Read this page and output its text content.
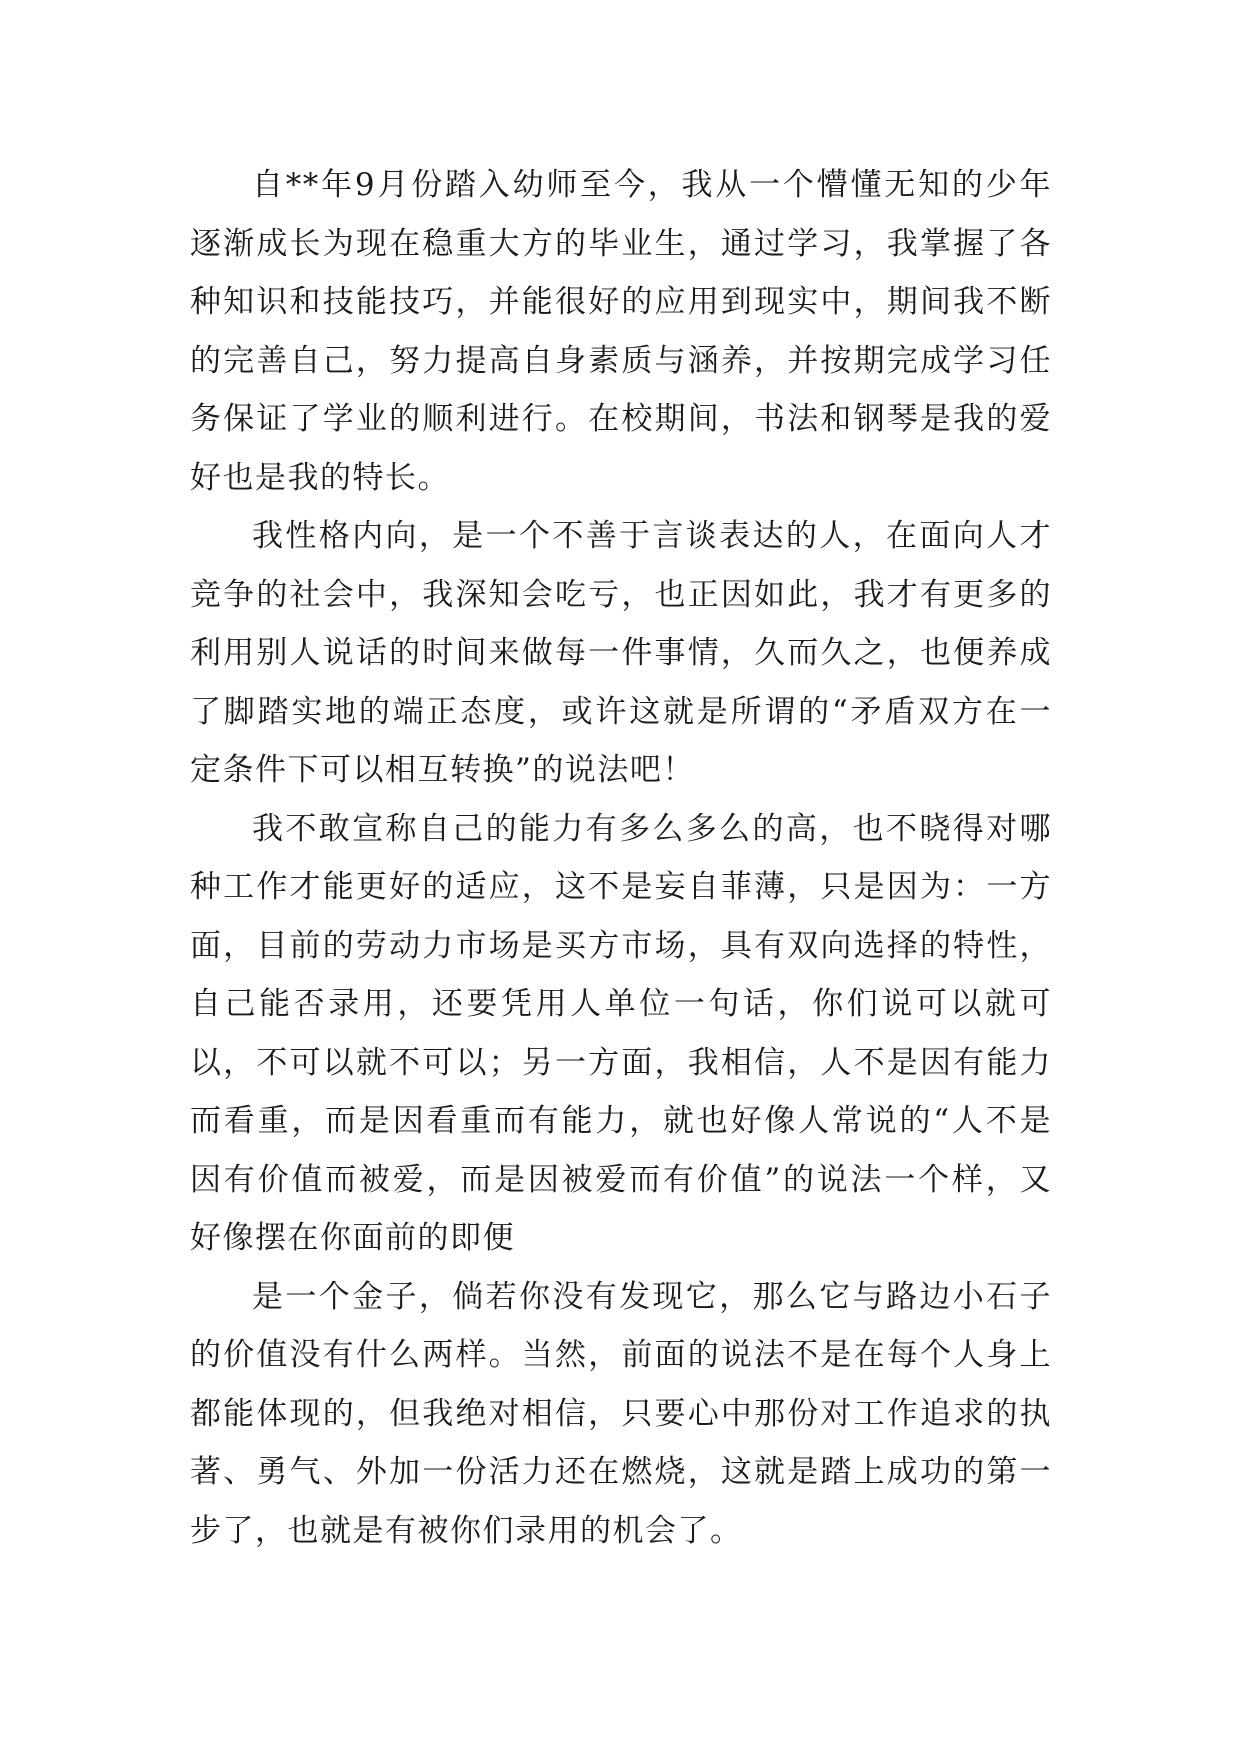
自**年9月份踏入幼师至今，我从一个懵懂无知的少年逐渐成长为现在稳重大方的毕业生，通过学习，我掌握了各种知识和技能技巧，并能很好的应用到现实中，期间我不断的完善自己，努力提高自身素质与涵养，并按期完成学习任务保证了学业的顺利进行。在校期间，书法和钢琴是我的爱好也是我的特长。

我性格内向，是一个不善于言谈表达的人，在面向人才竞争的社会中，我深知会吃亏，也正因如此，我才有更多的利用别人说话的时间来做每一件事情，久而久之，也便养成了脚踏实地的端正态度，或许这就是所谓的“矛盾双方在一定条件下可以相互转换”的说法吧！

我不敢宣称自己的能力有多么多么的高，也不晓得对哪种工作才能更好的适应，这不是妄自菲薄，只是因为：一方面，目前的劳动力市场是买方市场，具有双向选择的特性，自己能否录用，还要凭用人单位一句话，你们说可以就可以，不可以就不可以；另一方面，我相信，人不是因有能力而看重，而是因看重而有能力，就也好像人常说的“人不是因有价值而被爱，而是因被爱而有价值”的说法一个样，又好像摆在你面前的即便

是一个金子，倘若你没有发现它，那么它与路边小石子的价值没有什么两样。当然，前面的说法不是在每个人身上都能体现的，但我绝对相信，只要心中那份对工作追求的执著、勇气、外加一份活力还在燃烧，这就是踏上成功的第一步了，也就是有被你们录用的机会了。
